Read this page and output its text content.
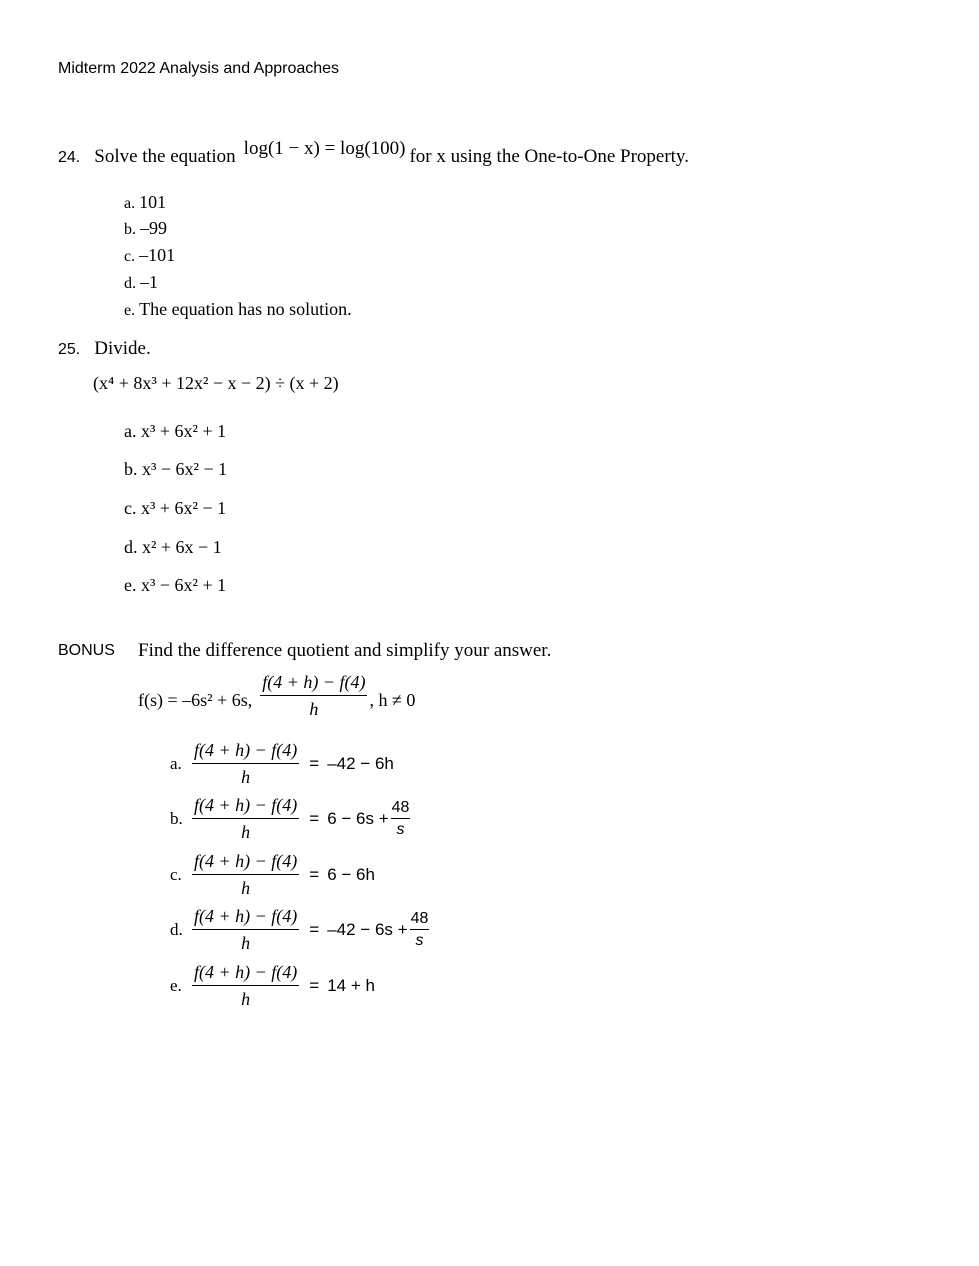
Midterm 2022 Analysis and Approaches
24. Solve the equation log(1 − x) = log(100) for x using the One-to-One Property.
a. 101
b. –99
c. –101
d. –1
e. The equation has no solution.
25. Divide.
(x⁴ + 8x³ + 12x² − x − 2) ÷ (x + 2)
a. x³ + 6x² + 1
b. x³ − 6x² − 1
c. x³ + 6x² − 1
d. x² + 6x − 1
e. x³ − 6x² + 1
BONUS Find the difference quotient and simplify your answer.
f(s) = –6s² + 6s, $\frac{f(4 + h) - f(4)}{h}$ , h ≠ 0
a. $\frac{f(4 + h) - f(4)}{h} = -42 - 6h$
b. $\frac{f(4 + h) - f(4)}{h} = 6 - 6s + \frac{48}{s}$
c. $\frac{f(4 + h) - f(4)}{h} = 6 - 6h$
d. $\frac{f(4 + h) - f(4)}{h} = -42 - 6s + \frac{48}{s}$
e. $\frac{f(4 + h) - f(4)}{h} = 14 + h$
